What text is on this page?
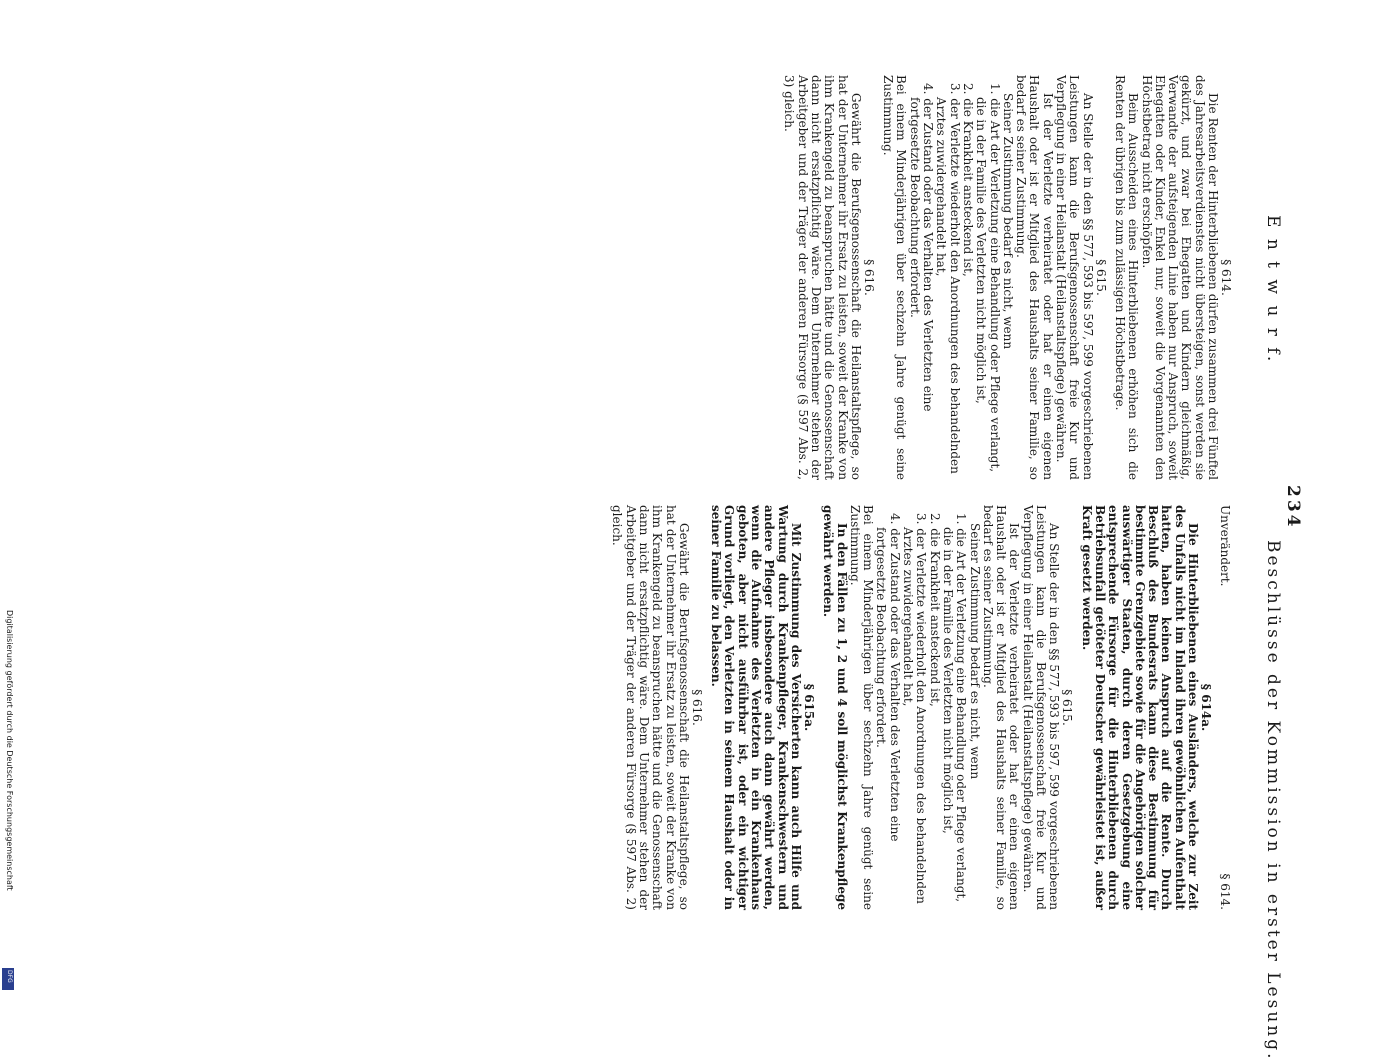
234
E n t w u r f.
Beschlüsse der Kommission in erster Lesung.
§ 614.

Die Renten der Hinterbliebenen dürfen zusammen drei Fünftel des Jahresarbeitsverdienstes nicht übersteigen, sonst werden sie gekürzt, und zwar bei Ehegatten und Kindern gleichmäßig, Verwandte der aufsteigenden Linie haben nur Anspruch, soweit Ehegatten oder Kinder, Enkel nur, soweit die Vorgenannten den Höchstbetrag nicht erschöpfen.

Beim Ausscheiden eines Hinterbliebenen erhöhen sich die Renten der übrigen bis zum zulässigen Höchstbetrage.

§ 615.

An Stelle der in den §§ 577, 593 bis 597, 599 vorgeschriebenen Leistungen kann die Berufsgenossenschaft freie Kur und Verpflegung in einer Heilanstalt (Heilanstaltspflege) gewähren.

Ist der Verletzte verheiratet oder hat er einen eigenen Haushalt oder ist er Mitglied des Haushalts seiner Familie, so bedarf es seiner Zustimmung.

Seiner Zustimmung bedarf es nicht, wenn

1. die Art der Verletzung eine Behandlung oder Pflege verlangt, die in der Familie des Verletzten nicht möglich ist,

2. die Krankheit ansteckend ist,

3. der Verletzte wiederholt den Anordnungen des behandelnden Arztes zuwidergehandelt hat,

4. der Zustand oder das Verhalten des Verletzten eine fortgesetzte Beobachtung erfordert.

Bei einem Minderjährigen über sechzehn Jahre genügt seine Zustimmung.

§ 616.

Gewährt die Berufsgenossenschaft die Heilanstaltspflege, so hat der Unternehmer ihr Ersatz zu leisten, soweit der Kranke von ihm Krankengeld zu beanspruchen hätte und die Genossenschaft dann nicht ersatzpflichtig wäre. Dem Unternehmer stehen der Arbeitgeber und der Träger der anderen Fürsorge (§ 597 Abs. 2, 3) gleich.

Unverändert.
§ 614.
§ 614a.

Die Hinterbliebenen eines Ausländers, welche zur Zeit des Unfalls nicht im Inland ihren gewöhnlichen Aufenthalt hatten, haben keinen Anspruch auf die Rente. Durch Beschluß des Bundesrats kann diese Bestimmung für bestimmte Grenzgebiete sowie für die Angehörigen solcher auswärtiger Staaten, durch deren Gesetzgebung eine entsprechende Fürsorge für die Hinterbliebenen durch Betriebsunfall getöteter Deutscher gewährleistet ist, außer Kraft gesetzt werden.

§ 615.

An Stelle der in den §§ 577, 593 bis 597, 599 vorgeschriebenen Leistungen kann die Berufsgenossenschaft freie Kur und Verpflegung in einer Heilanstalt (Heilanstaltspflege) gewähren.

Ist der Verletzte verheiratet oder hat er einen eigenen Haushalt oder ist er Mitglied des Haushalts seiner Familie, so bedarf es seiner Zustimmung.

Seiner Zustimmung bedarf es nicht, wenn

1. die Art der Verletzung eine Behandlung oder Pflege verlangt, die in der Familie des Verletzten nicht möglich ist,

2. die Krankheit ansteckend ist,

3. der Verletzte wiederholt den Anordnungen des behandelnden Arztes zuwidergehandelt hat,

4. der Zustand oder das Verhalten des Verletzten eine fortgesetzte Beobachtung erfordert.

Bei einem Minderjährigen über sechzehn Jahre genügt seine Zustimmung.

In den Fällen zu 1, 2 und 4 soll möglichst Krankenpflege gewährt werden.

§ 615a.

Mit Zustimmung des Versicherten kann auch Hilfe und Wartung durch Krankenpfleger, Krankenschwestern und andere Pfleger insbesondere auch dann gewährt werden, wenn die Aufnahme des Verletzten in ein Krankenhaus geboten, aber nicht ausführbar ist, oder ein wichtiger Grund vorliegt, den Verletzten in seinem Haushalt oder in seiner Familie zu belassen.

§ 616.

Gewährt die Berufsgenossenschaft die Heilanstaltspflege, so hat der Unternehmer ihr Ersatz zu leisten, soweit der Kranke von ihm Krankengeld zu beanspruchen hätte und die Genossenschaft dann nicht ersatzpflichtig wäre. Dem Unternehmer stehen der Arbeitgeber und der Träger der anderen Fürsorge (§ 597 Abs. 2) gleich.

Digitalisierung gefördert durch die Deutsche Forschungsgemeinschaft
DFG
